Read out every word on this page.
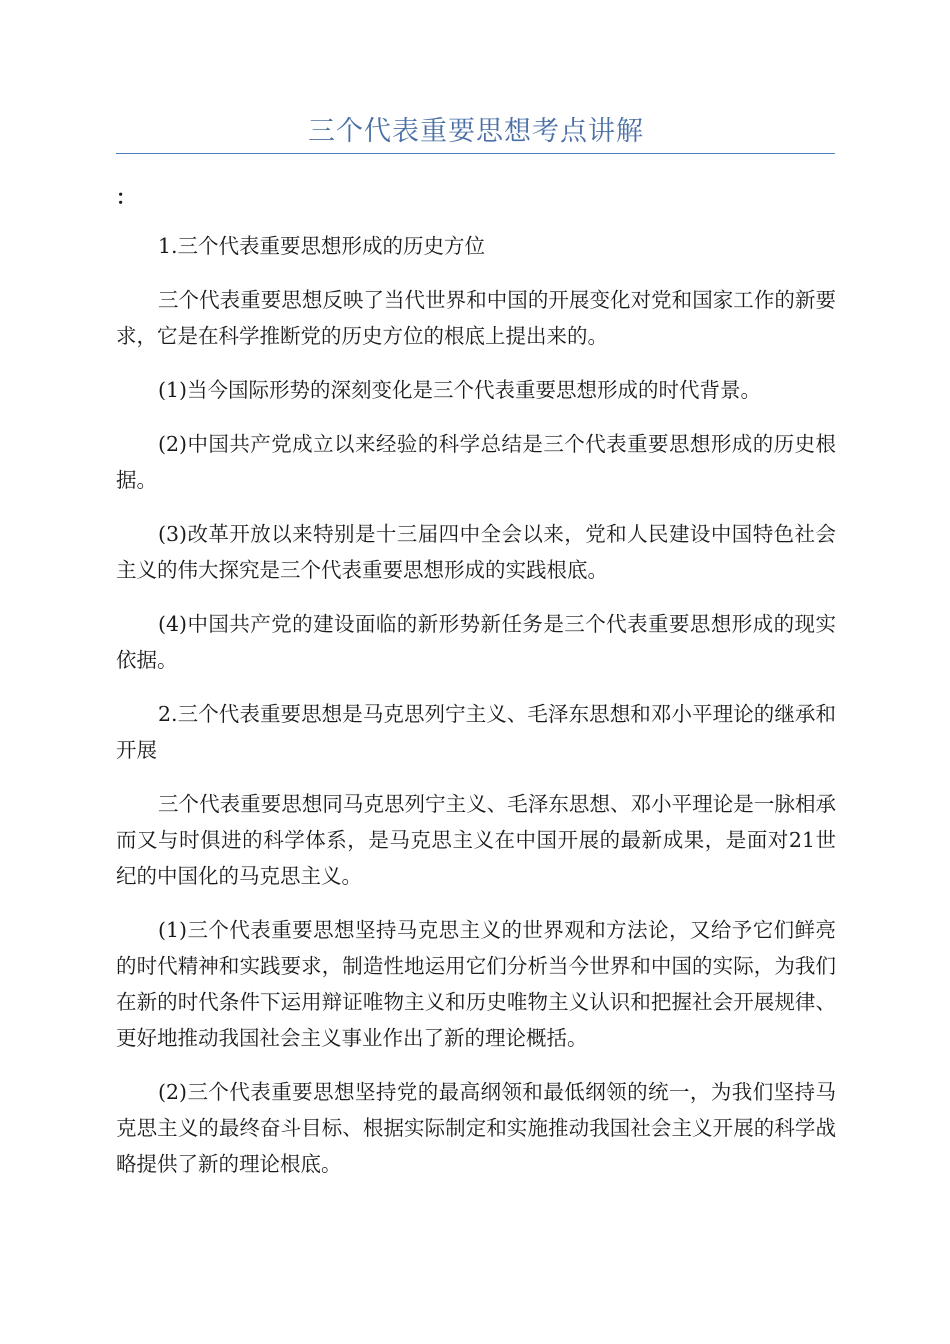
三个代表重要思想考点讲解
：

1.三个代表重要思想形成的历史方位

三个代表重要思想反映了当代世界和中国的开展变化对党和国家工作的新要求，它是在科学推断党的历史方位的根底上提出来的。

(1)当今国际形势的深刻变化是三个代表重要思想形成的时代背景。

(2)中国共产党成立以来经验的科学总结是三个代表重要思想形成的历史根据。

(3)改革开放以来特别是十三届四中全会以来，党和人民建设中国特色社会主义的伟大探究是三个代表重要思想形成的实践根底。

(4)中国共产党的建设面临的新形势新任务是三个代表重要思想形成的现实依据。

2.三个代表重要思想是马克思列宁主义、毛泽东思想和邓小平理论的继承和开展

三个代表重要思想同马克思列宁主义、毛泽东思想、邓小平理论是一脉相承而又与时俱进的科学体系，是马克思主义在中国开展的最新成果，是面对21世纪的中国化的马克思主义。

(1)三个代表重要思想坚持马克思主义的世界观和方法论，又给予它们鲜亮的时代精神和实践要求，制造性地运用它们分析当今世界和中国的实际，为我们在新的时代条件下运用辩证唯物主义和历史唯物主义认识和把握社会开展规律、更好地推动我国社会主义事业作出了新的理论概括。

(2)三个代表重要思想坚持党的最高纲领和最低纲领的统一，为我们坚持马克思主义的最终奋斗目标、根据实际制定和实施推动我国社会主义开展的科学战略提供了新的理论根底。
